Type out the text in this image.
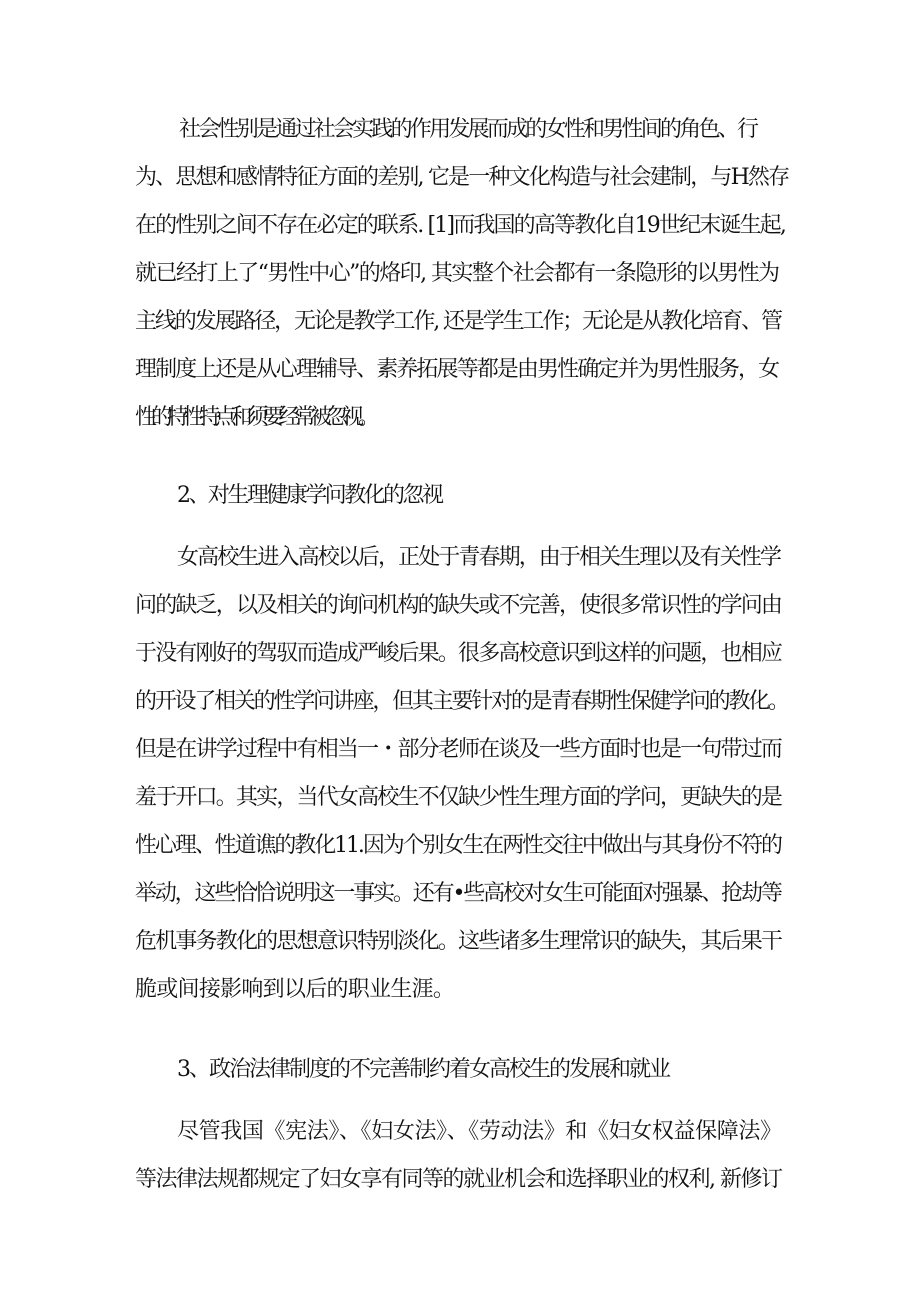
社会性别是通过社会实践的作用发展而成的女性和男性间的角色、行
为、思想和感情特征方面的差别, 它是一种文化构造与社会建制，与H然存
在的性别之间不存在必定的联系. [1]而我国的高等教化自19世纪末诞生起,
就已经打上了“男性中心”的烙印, 其实整个社会都有一条隐形的以男性为
主线的发展路径，无论是教学工作, 还是学生工作；无论是从教化培育、管
理制度上还是从心理辅导、素养拓展等都是由男性确定并为男性服务，女
性的特性特点和须要经常被忽视。
2、对生理健康学问教化的忽视
女高校生进入高校以后，正处于青春期，由于相关生理以及有关性学
问的缺乏，以及相关的询问机构的缺失或不完善，使很多常识性的学问由
于没有刚好的驾驭而造成严峻后果。很多高校意识到这样的问题，也相应
的开设了相关的性学问讲座，但其主要针对的是青春期性保健学问的教化。
但是在讲学过程中有相当一・部分老师在谈及一些方面时也是一句带过而
羞于开口。其实，当代女高校生不仅缺少性生理方面的学问，更缺失的是
性心理、性道谯的教化11.因为个别女生在两性交往中做出与其身份不符的
举动，这些恰恰说明这一事实。还有•些高校对女生可能面对强暴、抢劫等
危机事务教化的思想意识特别淡化。这些诸多生理常识的缺失，其后果干
脆或间接影响到以后的职业生涯。
3、政治法律制度的不完善制约着女高校生的发展和就业
尽管我国《宪法》、《妇女法》、《劳动法》和《妇女权益保障法》
等法律法规都规定了妇女享有同等的就业机会和选择职业的权利, 新修订
